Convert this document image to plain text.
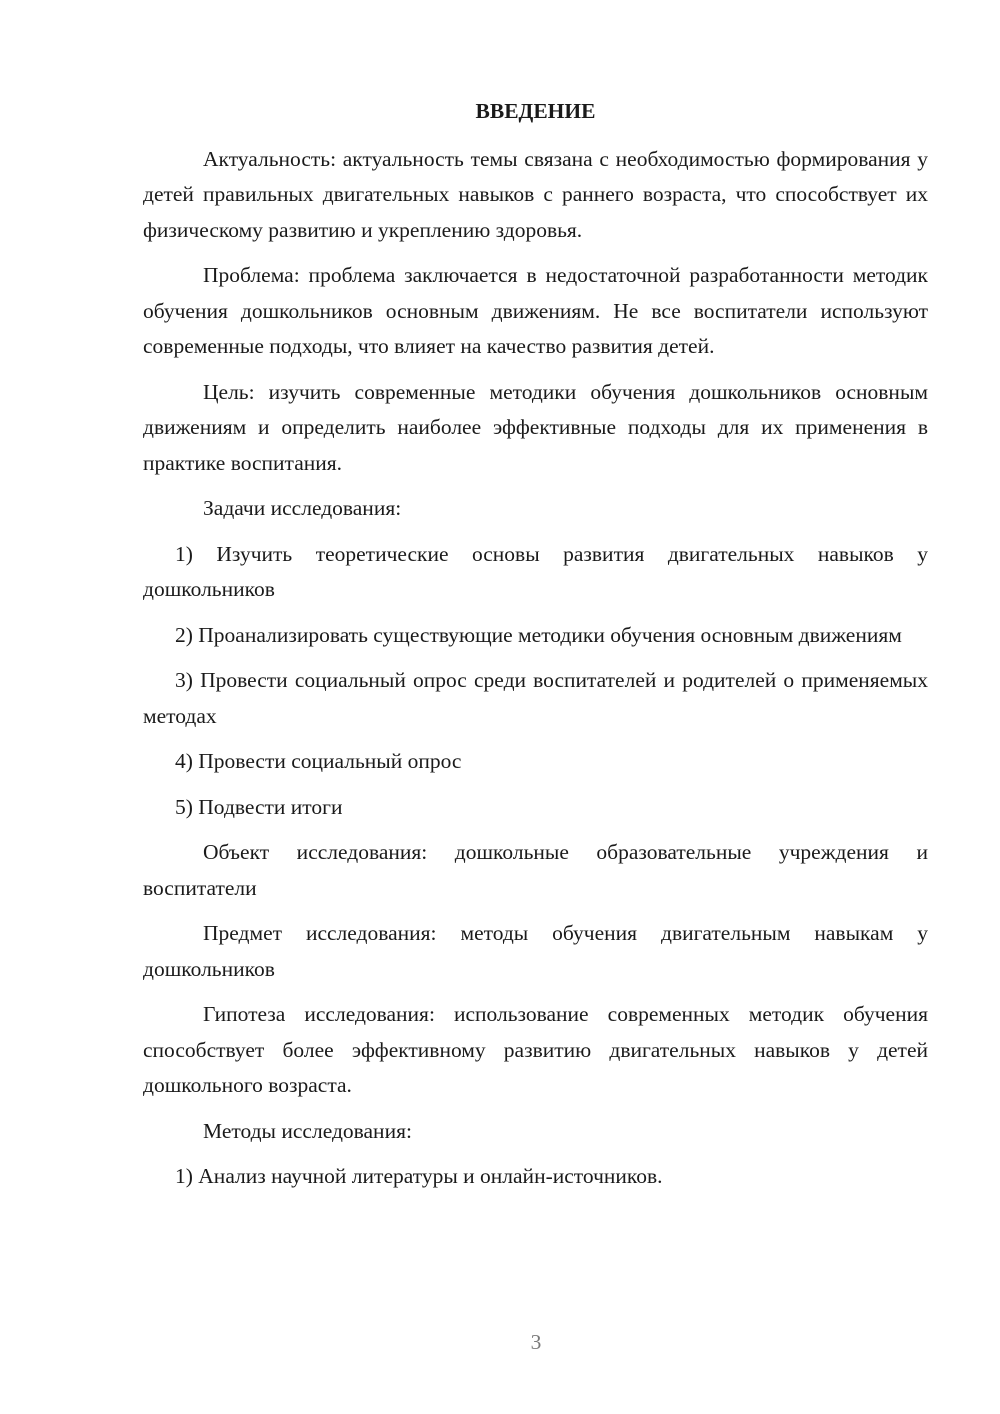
ВВЕДЕНИЕ

Актуальность: актуальность темы связана с необходимостью формирования у детей правильных двигательных навыков с раннего возраста, что способствует их физическому развитию и укреплению здоровья.

Проблема: проблема заключается в недостаточной разработанности методик обучения дошкольников основным движениям. Не все воспитатели используют современные подходы, что влияет на качество развития детей.

Цель: изучить современные методики обучения дошкольников основным движениям и определить наиболее эффективные подходы для их применения в практике воспитания.

Задачи исследования:

1) Изучить теоретические основы развития двигательных навыков у дошкольников

2) Проанализировать существующие методики обучения основным движениям

3) Провести социальный опрос среди воспитателей и родителей о применяемых методах

4) Провести социальный опрос

5) Подвести итоги

Объект исследования: дошкольные образовательные учреждения и воспитатели

Предмет исследования: методы обучения двигательным навыкам у дошкольников

Гипотеза исследования: использование современных методик обучения способствует более эффективному развитию двигательных навыков у детей дошкольного возраста.

Методы исследования:

1) Анализ научной литературы и онлайн-источников.

3
